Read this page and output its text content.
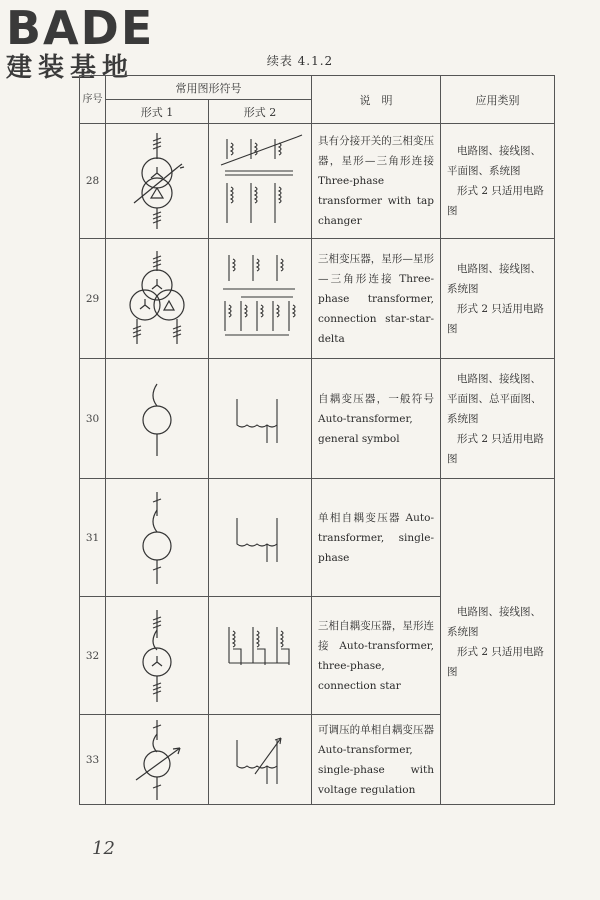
BADE
建装基地	续表 4.1.2
序号	常用图形符号		说　明	应用类别
	形式 1	形式 2		
28			具有分接开关的三相变压器，星形—三角形连接 Three-phase transformer with tap changer	电路图、接线图、平面图、系统图
形式 2 只适用电路图

29			三相变压器，星形—星形—三角形连接 Three-phase transformer, connection star-star-delta	电路图、接线图、系统图
形式 2 只适用电路图

30			自耦变压器，一般符号 Auto-transformer, general symbol	电路图、接线图、平面图、总平面图、系统图
形式 2 只适用电路图

31			单相自耦变压器 Auto-transformer, single-phase	电路图、接线图、系统图
形式 2 只适用电路图

32			三相自耦变压器，星形连接 Auto-transformer, three-phase, connection star	
33			可调压的单相自耦变压器 Auto-transformer, single-phase with voltage regulation	
12
